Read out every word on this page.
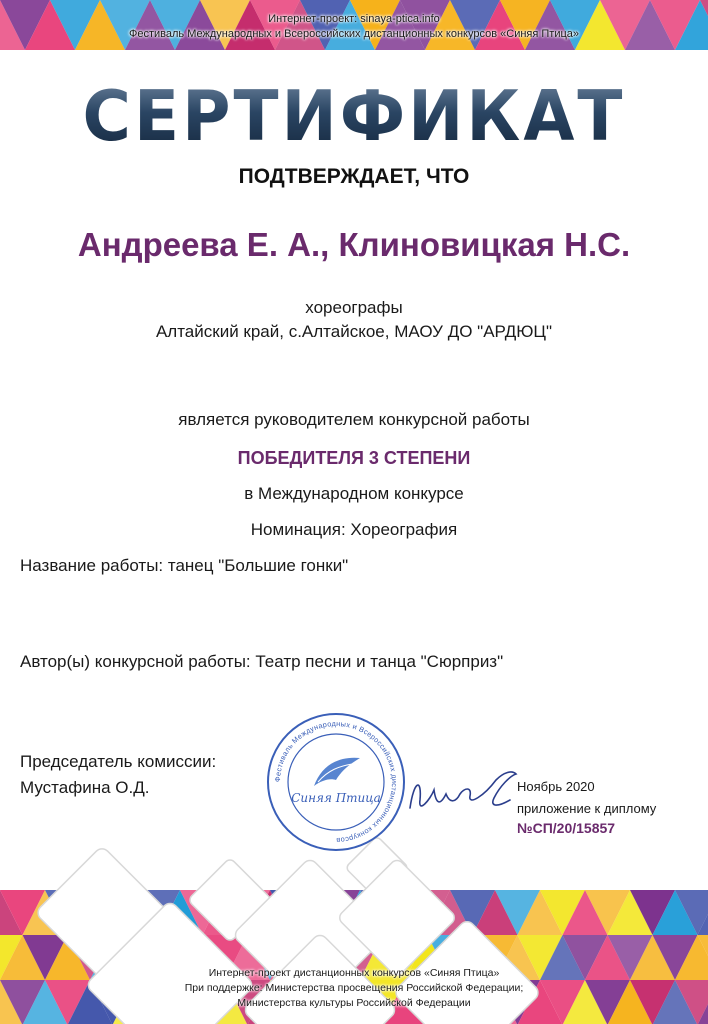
Интернет-проект: sinaya-ptica.info
Фестиваль Международных и Всероссийских дистанционных конкурсов «Синяя Птица»
СЕРТИФИКАТ
ПОДТВЕРЖДАЕТ, ЧТО
Андреева Е. А., Клиновицкая Н.С.
хореографы
Алтайский край, с.Алтайское, МАОУ ДО "АРДЮЦ"
является руководителем конкурсной работы
ПОБЕДИТЕЛЯ 3 СТЕПЕНИ
в Международном конкурсе
Номинация: Хореография
Название работы: танец "Большие гонки"
Автор(ы) конкурсной работы: Театр песни и танца "Сюрприз"
Председатель комиссии:
Мустафина О.Д.	Фестиваль Международных и Всероссийских дистанционных конкурсов
Синяя Птица
Ноябрь 2020
приложение к диплому
№СП/20/15857
Интернет-проект дистанционных конкурсов «Синяя Птица»
При поддержке: Министерства просвещения Российской Федерации;
Министерства культуры Российской Федерации
